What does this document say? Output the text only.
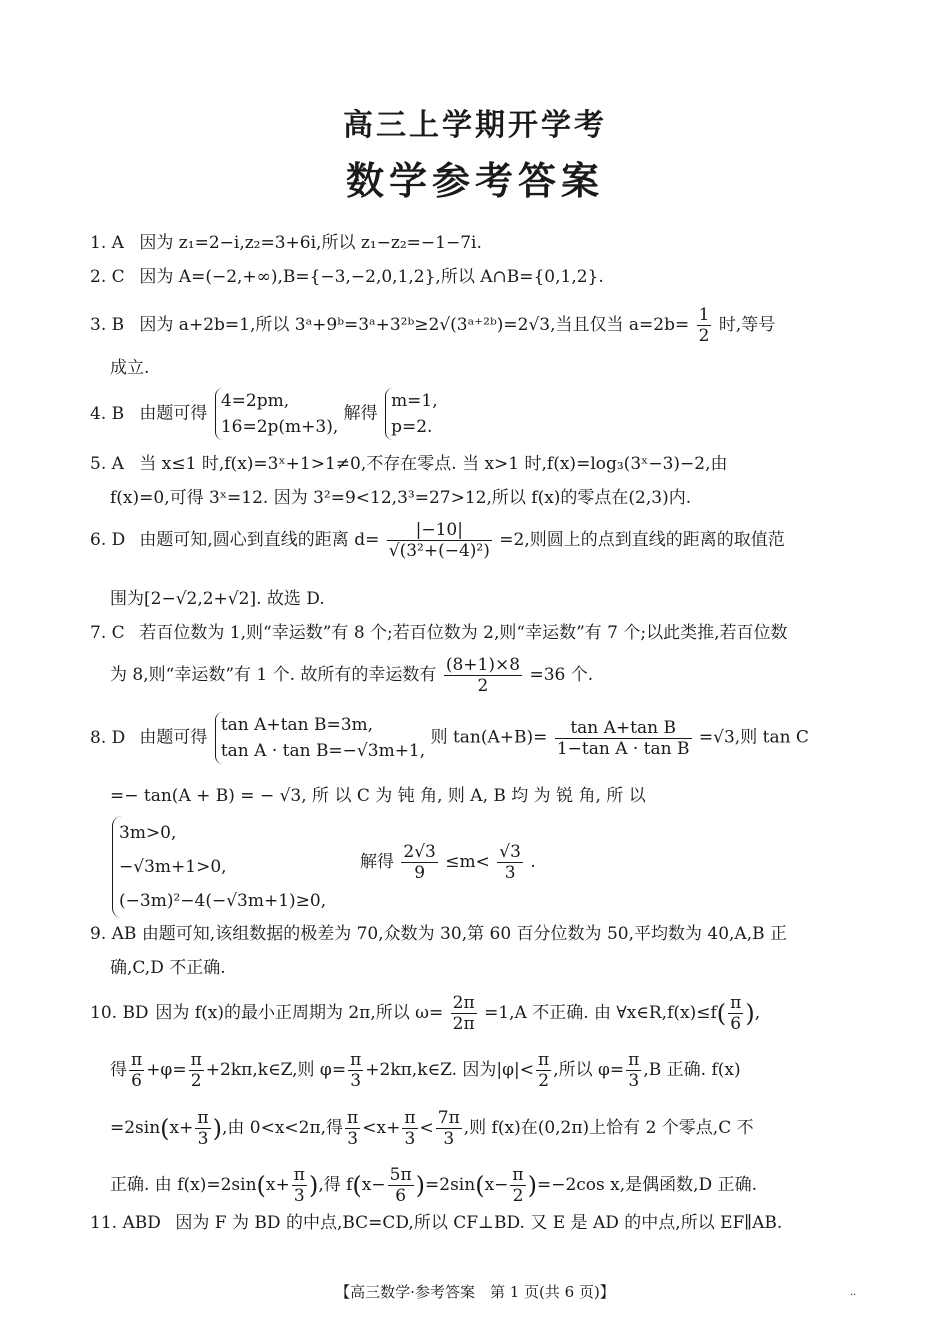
高三上学期开学考
数学参考答案
1. A 因为 z₁=2−i,z₂=3+6i,所以 z₁−z₂=−1−7i.
2. C 因为 A=(−2,+∞),B={−3,−2,0,1,2},所以 A∩B={0,1,2}.
3. B 因为 a+2b=1,所以 3ᵃ+9ᵇ=3ᵃ+3²ᵇ≥2√(3ᵃ⁺²ᵇ)=2√3,当且仅当 $a=2b= \frac{1}{2}$ 时,等号
成立.
4. B 由题可得
4=2pm,
16=2p(m+3),
解得
m=1,
p=2.
5. A 当 x≤1 时,f(x)=3ˣ+1>1≠0,不存在零点. 当 x>1 时,f(x)=log₃(3ˣ−3)−2,由
f(x)=0,可得 3ˣ=12. 因为 3²=9<12,3³=27>12,所以 f(x)的零点在(2,3)内.
6. D 由题可知,圆心到直线的距离 $d= \frac{|-10|}{\text{√(3²+(−4)²)}} =2$,则圆上的点到直线的距离的取值范
围为[2−√2,2+√2]. 故选 D.
7. C 若百位数为 1,则“幸运数”有 8 个;若百位数为 2,则“幸运数”有 7 个;以此类推,若百位数
为 8,则“幸运数”有 1 个. 故所有的幸运数有 $\frac{(8+1)\times 8}{2} =36$ 个.
8. D 由题可得
tan A+tan B=3m,
tan A · tan B=−√3m+1,
则 $\tan(A+B)= \frac{\text{tan A+tan B}}{\text{1−tan A · tan B}} =√3$,则 tan C
=− tan(A + B) = − √3, 所 以 C 为 钝 角, 则 A, B 均 为 锐 角, 所 以
3m>0,
−√3m+1>0,
(−3m)²−4(−√3m+1)≥0,
解得 $\frac{2√3}{9} \le m< \frac{√3}{3}$ .
9. AB 由题可知,该组数据的极差为 70,众数为 30,第 60 百分位数为 50,平均数为 40,A,B 正
确,C,D 不正确.
10. BD 因为 f(x)的最小正周期为 2π,所以 $\omega= \frac{2\pi}{2\pi} =1,A$ 不正确. 由 ∀x∈R,f(x)≤f( $\frac{\pi}{6}$ ),
得 $\frac{\pi}{6} +\varphi= \frac{\pi}{2}$ +2kπ,k∈Z,则 $\varphi= \frac{\pi}{3}$ +2kπ,k∈Z. 因为$|\varphi|< \frac{\pi}{2}$ ,所以 $\varphi= \frac{\pi}{3} ,B$ 正确. f(x)
$=2\sin(x+ \frac{\pi}{3}$ ),由 0<x<2π,得 $\frac{\pi}{3} <x+ \frac{\pi}{3} < \frac{7\pi}{3}$ ,则 f(x)在(0,2π)上恰有 2 个零点,C 不
正确. 由 $f(x)=2\sin(x+ \frac{\pi}{3}$ ),得 $f(x- \frac{5\pi}{6} )=2\sin(x- \frac{\pi}{2} )=-2\cos$ x,是偶函数,D 正确.
11. ABD 因为 F 为 BD 的中点,BC=CD,所以 CF⊥BD. 又 E 是 AD 的中点,所以 EF∥AB.
【高三数学·参考答案　第 1 页(共 6 页)】	··
